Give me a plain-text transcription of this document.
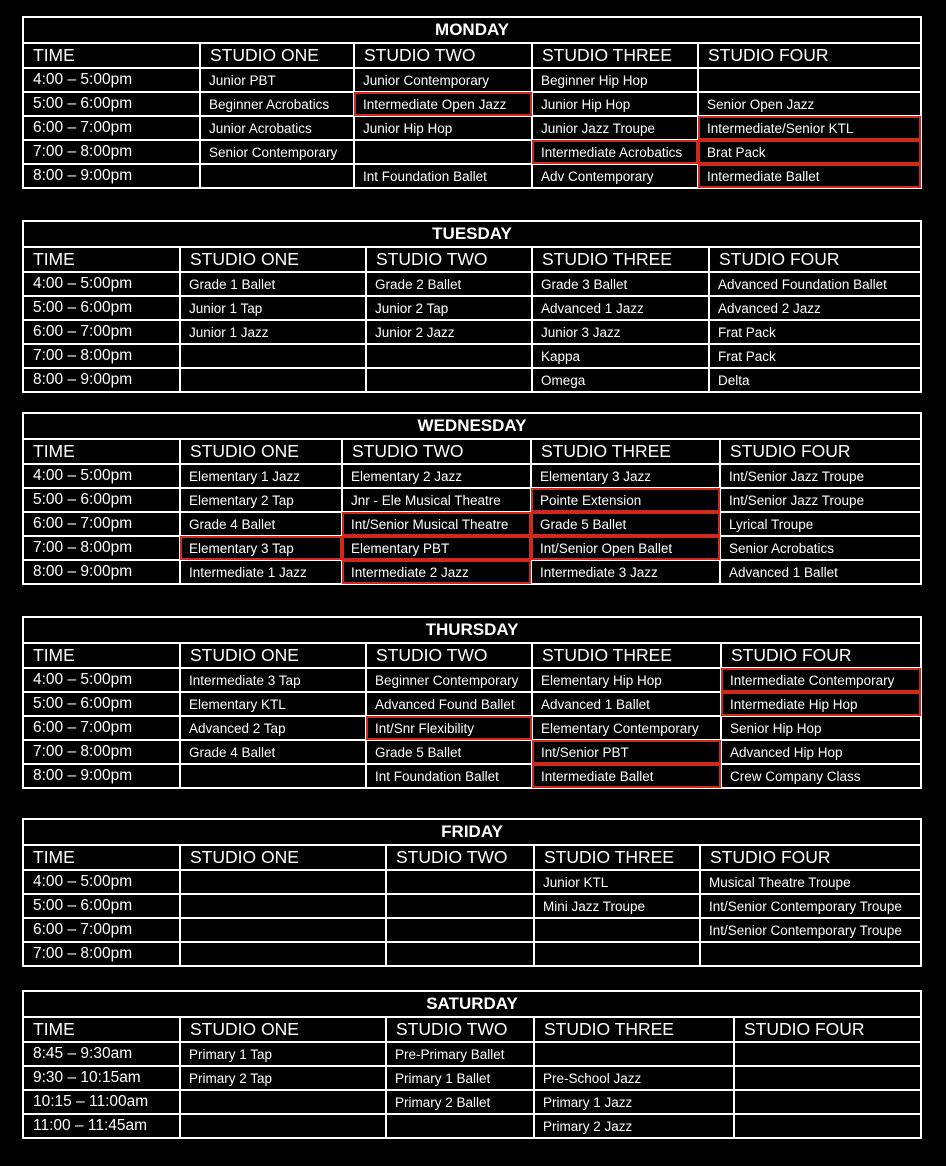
MONDAY				
TIME	STUDIO ONE	STUDIO TWO	STUDIO THREE	STUDIO FOUR
4:00 – 5:00pm	Junior PBT	Junior Contemporary	Beginner Hip Hop	
5:00 – 6:00pm	Beginner Acrobatics	Intermediate Open Jazz	Junior Hip Hop	Senior Open Jazz
6:00 – 7:00pm	Junior Acrobatics	Junior Hip Hop	Junior Jazz Troupe	Intermediate/Senior KTL
7:00 – 8:00pm	Senior Contemporary		Intermediate Acrobatics	Brat Pack
8:00 – 9:00pm		Int Foundation Ballet	Adv Contemporary	Intermediate Ballet
TUESDAY				
TIME	STUDIO ONE	STUDIO TWO	STUDIO THREE	STUDIO FOUR
4:00 – 5:00pm	Grade 1 Ballet	Grade 2 Ballet	Grade 3 Ballet	Advanced Foundation Ballet
5:00 – 6:00pm	Junior 1 Tap	Junior 2 Tap	Advanced 1 Jazz	Advanced 2 Jazz
6:00 – 7:00pm	Junior 1 Jazz	Junior 2 Jazz	Junior 3 Jazz	Frat Pack
7:00 – 8:00pm			Kappa	Frat Pack
8:00 – 9:00pm			Omega	Delta
WEDNESDAY				
TIME	STUDIO ONE	STUDIO TWO	STUDIO THREE	STUDIO FOUR
4:00 – 5:00pm	Elementary 1 Jazz	Elementary 2 Jazz	Elementary 3 Jazz	Int/Senior Jazz Troupe
5:00 – 6:00pm	Elementary 2 Tap	Jnr - Ele Musical Theatre	Pointe Extension	Int/Senior Jazz Troupe
6:00 – 7:00pm	Grade 4 Ballet	Int/Senior Musical Theatre	Grade 5 Ballet	Lyrical Troupe
7:00 – 8:00pm	Elementary 3 Tap	Elementary PBT	Int/Senior Open Ballet	Senior Acrobatics
8:00 – 9:00pm	Intermediate 1 Jazz	Intermediate 2 Jazz	Intermediate 3 Jazz	Advanced 1 Ballet
THURSDAY				
TIME	STUDIO ONE	STUDIO TWO	STUDIO THREE	STUDIO FOUR
4:00 – 5:00pm	Intermediate 3 Tap	Beginner Contemporary	Elementary Hip Hop	Intermediate Contemporary
5:00 – 6:00pm	Elementary KTL	Advanced Found Ballet	Advanced 1 Ballet	Intermediate Hip Hop
6:00 – 7:00pm	Advanced 2 Tap	Int/Snr Flexibility	Elementary Contemporary	Senior Hip Hop
7:00 – 8:00pm	Grade 4 Ballet	Grade 5 Ballet	Int/Senior PBT	Advanced Hip Hop
8:00 – 9:00pm		Int Foundation Ballet	Intermediate Ballet	Crew Company Class
FRIDAY				
TIME	STUDIO ONE	STUDIO TWO	STUDIO THREE	STUDIO FOUR
4:00 – 5:00pm			Junior KTL	Musical Theatre Troupe
5:00 – 6:00pm			Mini Jazz Troupe	Int/Senior Contemporary Troupe
6:00 – 7:00pm				Int/Senior Contemporary Troupe
7:00 – 8:00pm				
SATURDAY				
TIME	STUDIO ONE	STUDIO TWO	STUDIO THREE	STUDIO FOUR
8:45 – 9:30am	Primary 1 Tap	Pre-Primary Ballet		
9:30 – 10:15am	Primary 2 Tap	Primary 1 Ballet	Pre-School Jazz	
10:15 – 11:00am		Primary 2 Ballet	Primary 1 Jazz	
11:00 – 11:45am			Primary 2 Jazz	
